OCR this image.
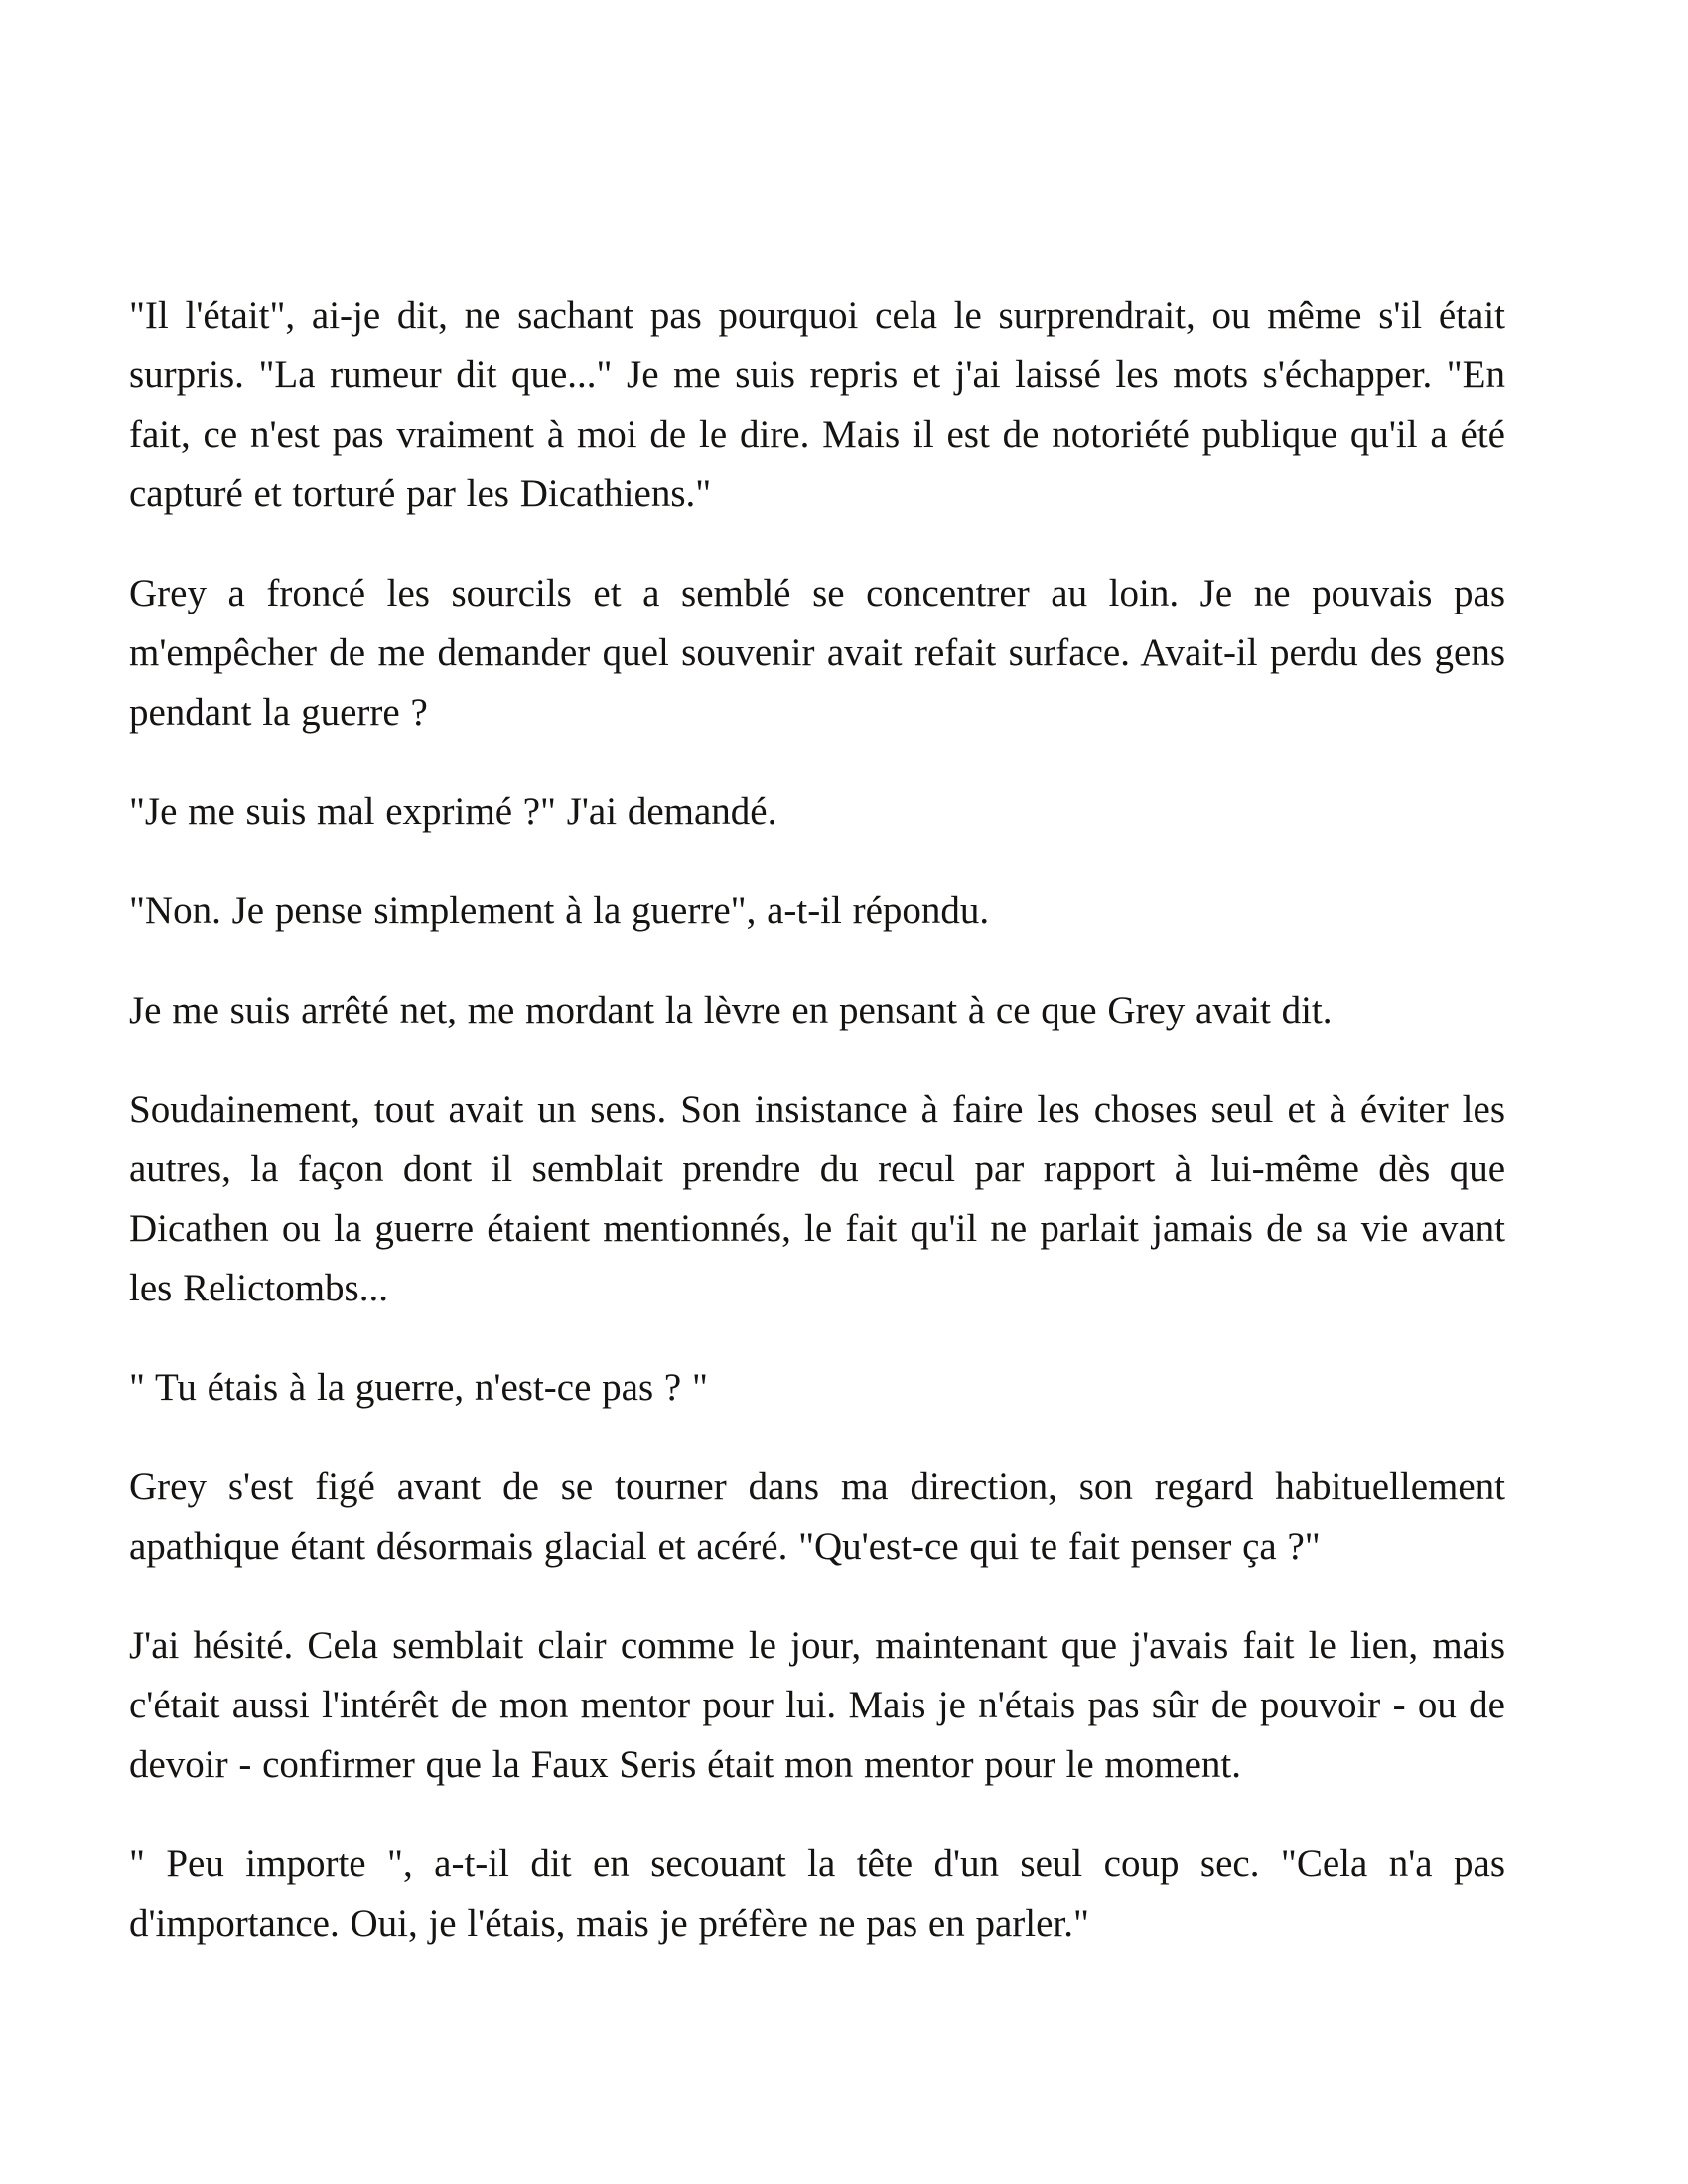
"Il l'était", ai-je dit, ne sachant pas pourquoi cela le surprendrait, ou même s'il était surpris. "La rumeur dit que..." Je me suis repris et j'ai laissé les mots s'échapper. "En fait, ce n'est pas vraiment à moi de le dire. Mais il est de notoriété publique qu'il a été capturé et torturé par les Dicathiens."

Grey a froncé les sourcils et a semblé se concentrer au loin. Je ne pouvais pas m'empêcher de me demander quel souvenir avait refait surface. Avait-il perdu des gens pendant la guerre ?

"Je me suis mal exprimé ?" J'ai demandé.

"Non. Je pense simplement à la guerre", a-t-il répondu.

Je me suis arrêté net, me mordant la lèvre en pensant à ce que Grey avait dit.

Soudainement, tout avait un sens. Son insistance à faire les choses seul et à éviter les autres, la façon dont il semblait prendre du recul par rapport à lui-même dès que Dicathen ou la guerre étaient mentionnés, le fait qu'il ne parlait jamais de sa vie avant les Relictombs...

" Tu étais à la guerre, n'est-ce pas ? "

Grey s'est figé avant de se tourner dans ma direction, son regard habituellement apathique étant désormais glacial et acéré. "Qu'est-ce qui te fait penser ça ?"

J'ai hésité. Cela semblait clair comme le jour, maintenant que j'avais fait le lien, mais c'était aussi l'intérêt de mon mentor pour lui. Mais je n'étais pas sûr de pouvoir - ou de devoir - confirmer que la Faux Seris était mon mentor pour le moment.

" Peu importe ", a-t-il dit en secouant la tête d'un seul coup sec. "Cela n'a pas d'importance. Oui, je l'étais, mais je préfère ne pas en parler."
